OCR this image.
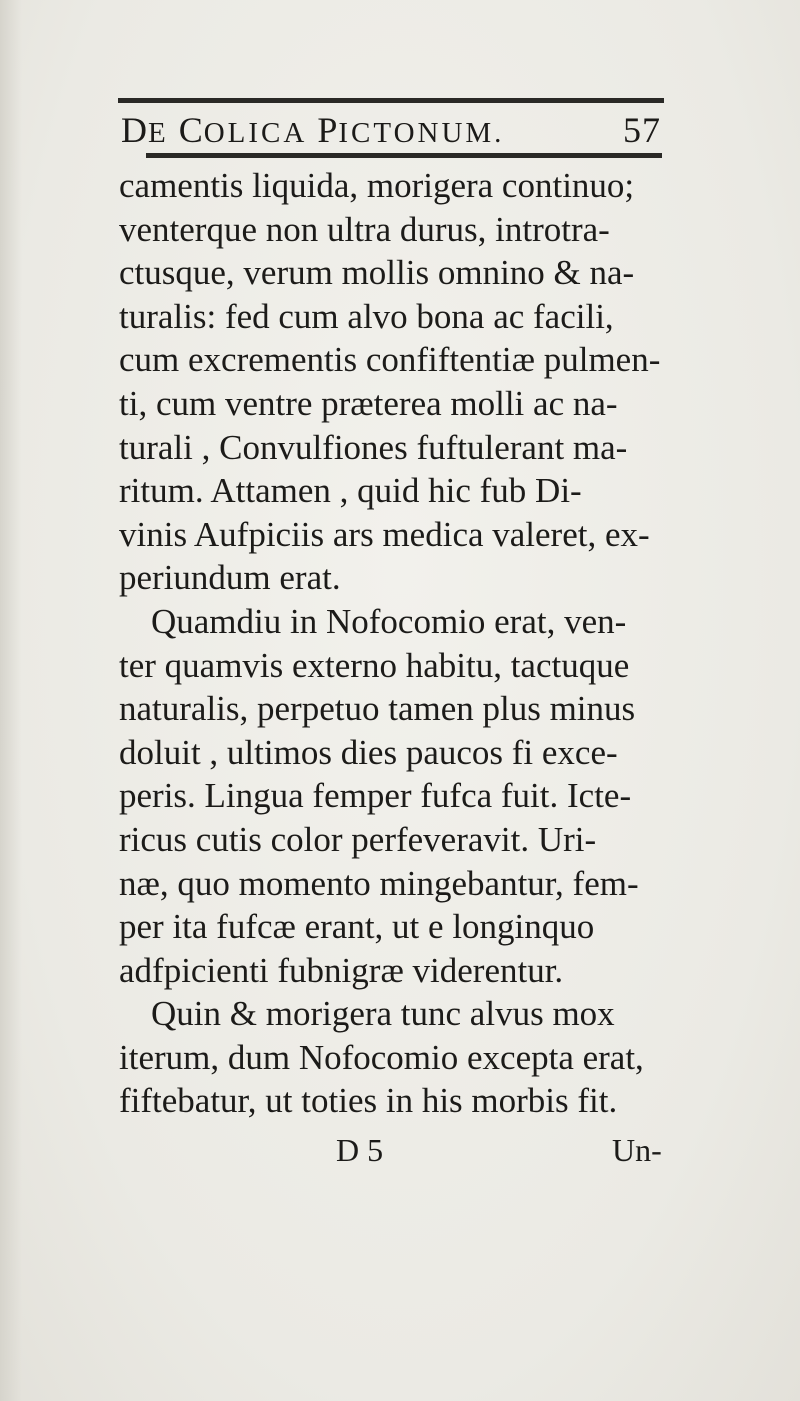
DE COLICA PICTONUM.	57
camentis liquida, morigera continuo;
venterque non ultra durus, introtra-
ctusque, verum mollis omnino & na-
turalis: fed cum alvo bona ac facili,
cum excrementis confiftentiæ pulmen-
ti, cum ventre præterea molli ac na-
turali , Convulfiones fuftulerant ma-
ritum. Attamen , quid hic fub Di-
vinis Aufpiciis ars medica valeret, ex-
periundum erat.
Quamdiu in Nofocomio erat, ven-
ter quamvis externo habitu, tactuque
naturalis, perpetuo tamen plus minus
doluit , ultimos dies paucos fi exce-
peris. Lingua femper fufca fuit. Icte-
ricus cutis color perfeveravit. Uri-
næ, quo momento mingebantur, fem-
per ita fufcæ erant, ut e longinquo
adfpicienti fubnigræ viderentur.
Quin & morigera tunc alvus mox
iterum, dum Nofocomio excepta erat,
fiftebatur, ut toties in his morbis fit.
D 5	Un-
